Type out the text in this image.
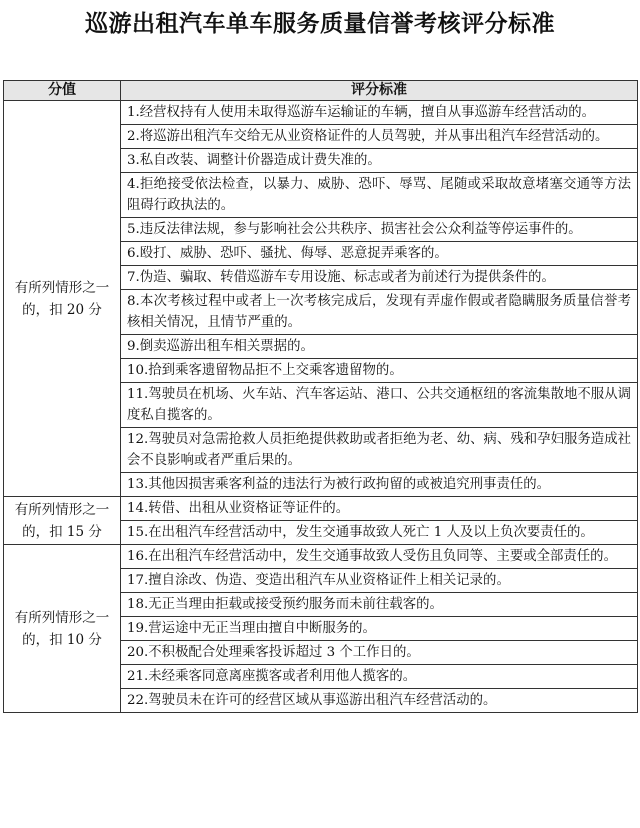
巡游出租汽车单车服务质量信誉考核评分标准
分值	评分标准
有所列情形之一的，扣 20 分	1.经营权持有人使用未取得巡游车运输证的车辆，擅自从事巡游车经营活动的。
	2.将巡游出租汽车交给无从业资格证件的人员驾驶，并从事出租汽车经营活动的。
	3.私自改装、调整计价器造成计费失准的。
	4.拒绝接受依法检查，以暴力、威胁、恐吓、辱骂、尾随或采取故意堵塞交通等方法阻碍行政执法的。
	5.违反法律法规，参与影响社会公共秩序、损害社会公众利益等停运事件的。
	6.殴打、威胁、恐吓、骚扰、侮辱、恶意捉弄乘客的。
	7.伪造、骗取、转借巡游车专用设施、标志或者为前述行为提供条件的。
	8.本次考核过程中或者上一次考核完成后，发现有弄虚作假或者隐瞒服务质量信誉考核相关情况，且情节严重的。
	9.倒卖巡游出租车相关票据的。
	10.拾到乘客遗留物品拒不上交乘客遗留物的。
	11.驾驶员在机场、火车站、汽车客运站、港口、公共交通枢纽的客流集散地不服从调度私自揽客的。
	12.驾驶员对急需抢救人员拒绝提供救助或者拒绝为老、幼、病、残和孕妇服务造成社会不良影响或者严重后果的。
	13.其他因损害乘客利益的违法行为被行政拘留的或被追究刑事责任的。
有所列情形之一的，扣 15 分	14.转借、出租从业资格证等证件的。
	15.在出租汽车经营活动中，发生交通事故致人死亡 1 人及以上负次要责任的。
有所列情形之一的，扣 10 分	16.在出租汽车经营活动中，发生交通事故致人受伤且负同等、主要或全部责任的。
	17.擅自涂改、伪造、变造出租汽车从业资格证件上相关记录的。
	18.无正当理由拒载或接受预约服务而未前往载客的。
	19.营运途中无正当理由擅自中断服务的。
	20.不积极配合处理乘客投诉超过 3 个工作日的。
	21.未经乘客同意离座揽客或者利用他人揽客的。
	22.驾驶员未在许可的经营区域从事巡游出租汽车经营活动的。
